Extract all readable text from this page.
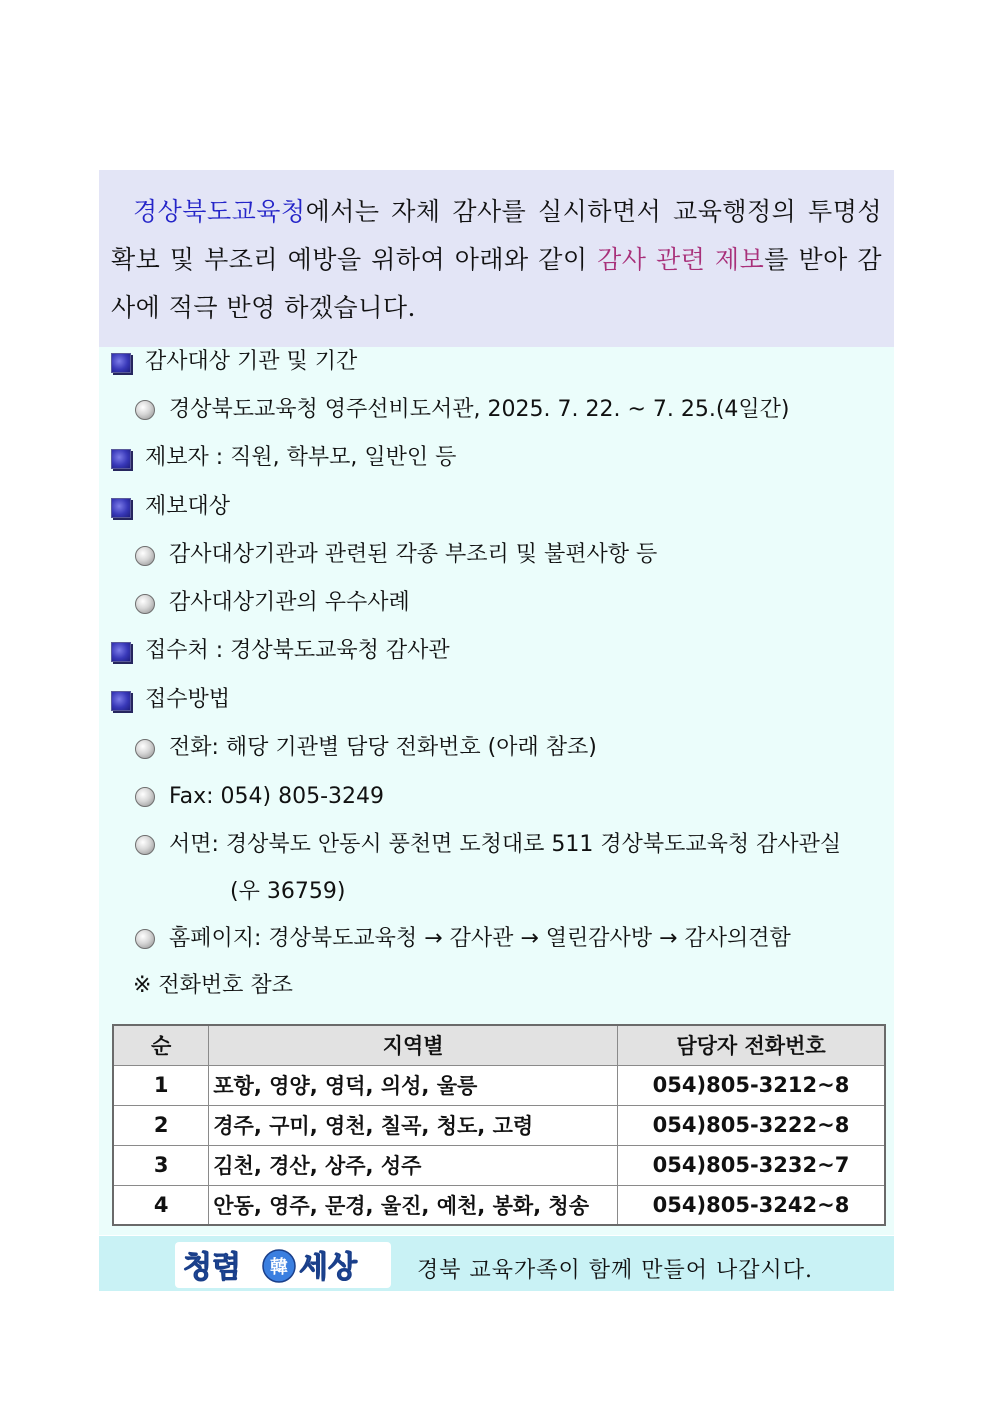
경상북도교육청에서는 자체 감사를 실시하면서 교육행정의 투명성 확보 및 부조리 예방을 위하여 아래와 같이 감사 관련 제보를 받아 감사에 적극 반영 하겠습니다.

감사대상 기관 및 기간
경상북도교육청 영주선비도서관, 2025. 7. 22. ~ 7. 25.(4일간)
제보자 : 직원, 학부모, 일반인 등
제보대상
감사대상기관과 관련된 각종 부조리 및 불편사항 등
감사대상기관의 우수사례
접수처 : 경상북도교육청 감사관
접수방법
전화: 해당 기관별 담당 전화번호 (아래 참조)
Fax: 054) 805-3249
서면: 경상북도 안동시 풍천면 도청대로 511 경상북도교육청 감사관실
(우 36759)
홈페이지: 경상북도교육청 → 감사관 → 열린감사방 → 감사의견함
※ 전화번호 참조
순	지역별	담당자 전화번호
1	포항, 영양, 영덕, 의성, 울릉	054)805-3212~8
2	경주, 구미, 영천, 칠곡, 청도, 고령	054)805-3222~8
3	김천, 경산, 상주, 성주	054)805-3232~7
4	안동, 영주, 문경, 울진, 예천, 봉화, 청송	054)805-3242~8
청렴 韓 세상	경북 교육가족이 함께 만들어 나갑시다.
